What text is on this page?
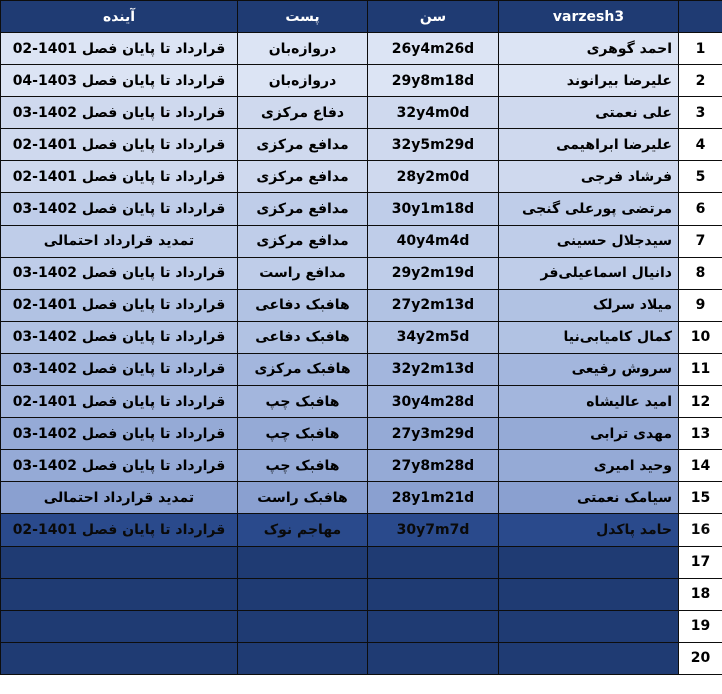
آینده	پست	سن	varzesh3	
قرارداد تا پایان فصل 1401-02	دروازه‌بان	26y4m26d	احمد گوهری	1
قرارداد تا پایان فصل 1403-04	دروازه‌بان	29y8m18d	علیرضا بیرانوند	2
قرارداد تا پایان فصل 1402-03	دفاع مرکزی	32y4m0d	علی نعمتی	3
قرارداد تا پایان فصل 1401-02	مدافع مرکزی	32y5m29d	علیرضا ابراهیمی	4
قرارداد تا پایان فصل 1401-02	مدافع مرکزی	28y2m0d	فرشاد فرجی	5
قرارداد تا پایان فصل 1402-03	مدافع مرکزی	30y1m18d	مرتضی پورعلی گنجی	6
تمدید قرارداد احتمالی	مدافع مرکزی	40y4m4d	سیدجلال حسینی	7
قرارداد تا پایان فصل 1402-03	مدافع راست	29y2m19d	دانیال اسماعیلی‌فر	8
قرارداد تا پایان فصل 1401-02	هافبک دفاعی	27y2m13d	میلاد سرلک	9
قرارداد تا پایان فصل 1402-03	هافبک دفاعی	34y2m5d	کمال کامیابی‌نیا	10
قرارداد تا پایان فصل 1402-03	هافبک مرکزی	32y2m13d	سروش رفیعی	11
قرارداد تا پایان فصل 1401-02	هافبک چپ	30y4m28d	امید عالیشاه	12
قرارداد تا پایان فصل 1402-03	هافبک چپ	27y3m29d	مهدی ترابی	13
قرارداد تا پایان فصل 1402-03	هافبک چپ	27y8m28d	وحید امیری	14
تمدید قرارداد احتمالی	هافبک راست	28y1m21d	سیامک نعمتی	15
قرارداد تا پایان فصل 1401-02	مهاجم نوک	30y7m7d	حامد پاکدل	16
				17
				18
				19
				20
